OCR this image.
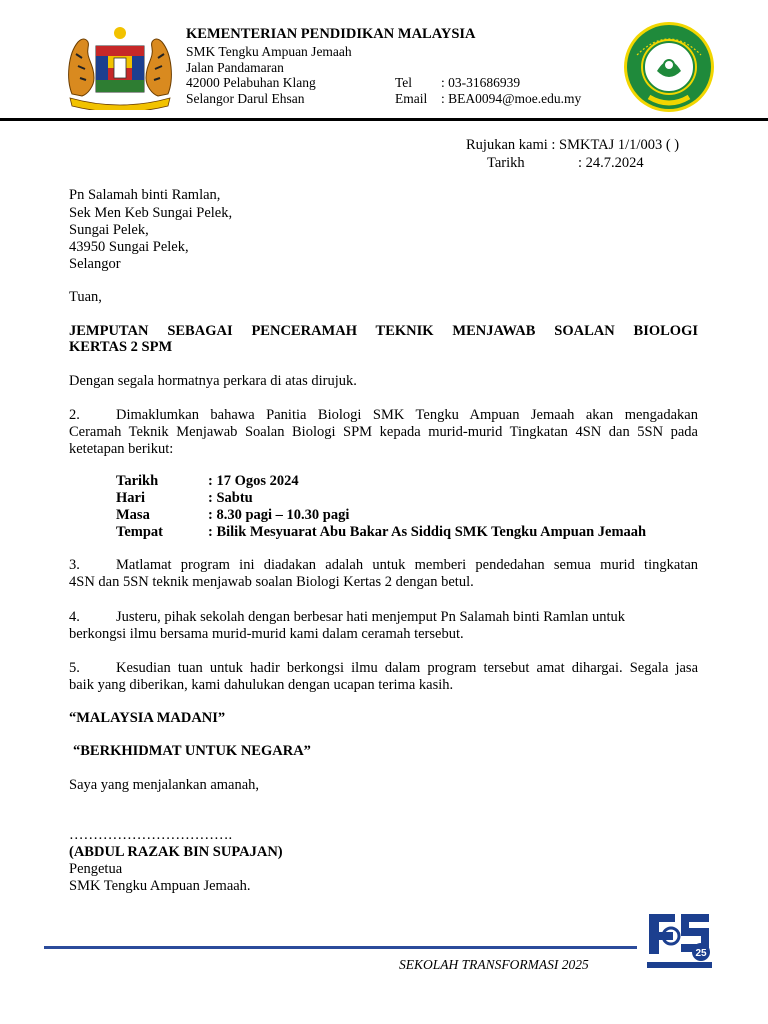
KEMENTERIAN PENDIDIKAN MALAYSIA
SMK Tengku Ampuan Jemaah
Jalan Pandamaran
42000 Pelabuhan Klang
Selangor Darul Ehsan
Tel : 03-31686939
Email : BEA0094@moe.edu.my
Rujukan kami : SMKTAJ 1/1/003 ( )
Tarikh	: 24.7.2024
Pn Salamah binti Ramlan,
Sek Men Keb Sungai Pelek,
Sungai Pelek,
43950 Sungai Pelek,
Selangor
Tuan,
JEMPUTAN SEBAGAI PENCERAMAH TEKNIK MENJAWAB SOALAN BIOLOGI
KERTAS 2 SPM
Dengan segala hormatnya perkara di atas dirujuk.
2. Dimaklumkan bahawa Panitia Biologi SMK Tengku Ampuan Jemaah akan mengadakan
Ceramah Teknik Menjawab Soalan Biologi SPM kepada murid-murid Tingkatan 4SN dan 5SN pada
ketetapan berikut:
Tarikh	: 17 Ogos 2024
Hari	: Sabtu
Masa	: 8.30 pagi – 10.30 pagi
Tempat	: Bilik Mesyuarat Abu Bakar As Siddiq SMK Tengku Ampuan Jemaah
3. Matlamat program ini diadakan adalah untuk memberi pendedahan semua murid tingkatan
4SN dan 5SN teknik menjawab soalan Biologi Kertas 2 dengan betul.
4. Justeru, pihak sekolah dengan berbesar hati menjemput Pn Salamah binti Ramlan untuk
berkongsi ilmu bersama murid-murid kami dalam ceramah tersebut.
5. Kesudian tuan untuk hadir berkongsi ilmu dalam program tersebut amat dihargai. Segala jasa
baik yang diberikan, kami dahulukan dengan ucapan terima kasih.
“MALAYSIA MADANI”
“BERKHIDMAT UNTUK NEGARA”
Saya yang menjalankan amanah,
…………………………….
(ABDUL RAZAK BIN SUPAJAN)
Pengetua
SMK Tengku Ampuan Jemaah.
25
SEKOLAH TRANSFORMASI 2025
